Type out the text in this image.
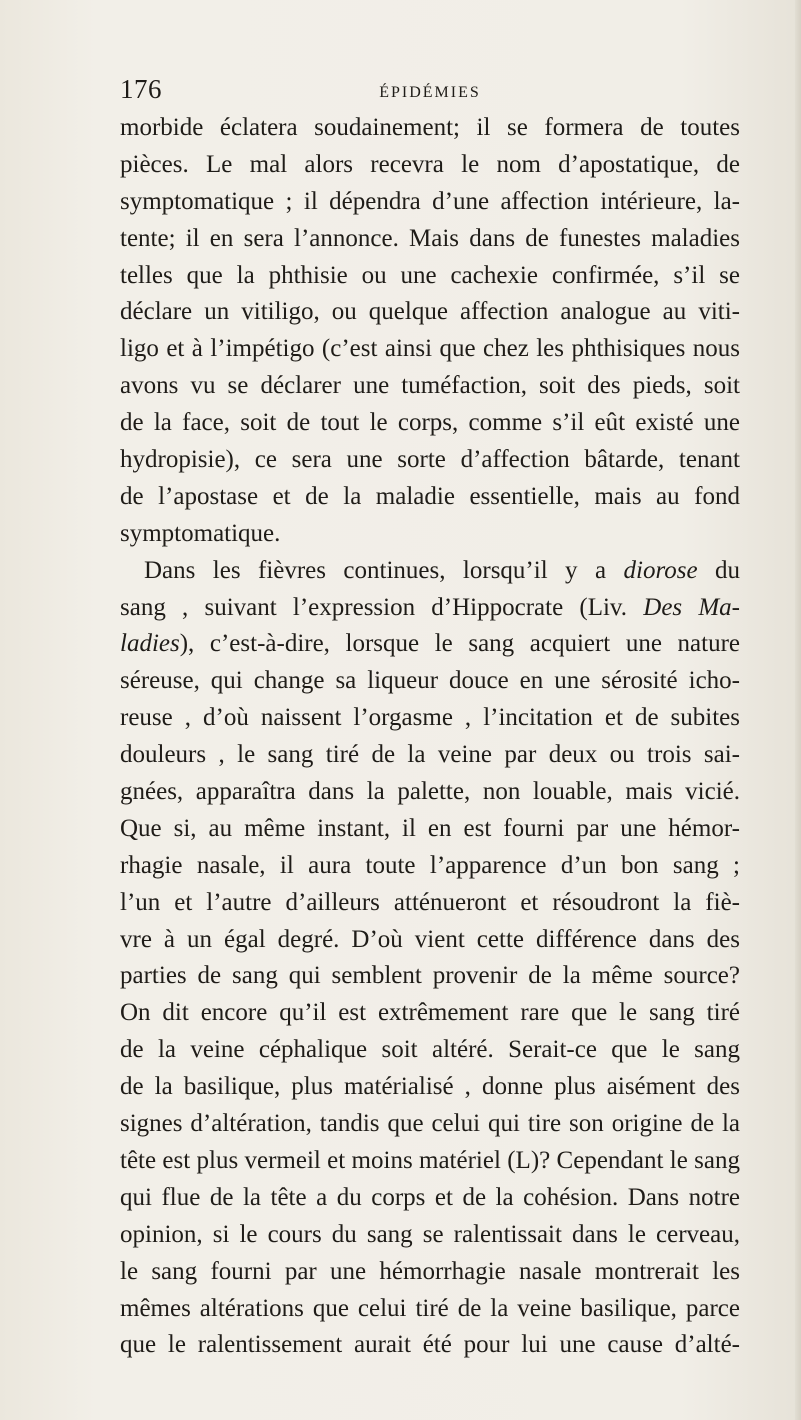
176	ÉPIDÉMIES
morbide éclatera soudainement; il se formera de toutes
pièces. Le mal alors recevra le nom d’apostatique, de
symptomatique ; il dépendra d’une affection intérieure, la-
tente; il en sera l’annonce. Mais dans de funestes maladies
telles que la phthisie ou une cachexie confirmée, s’il se
déclare un vitiligo, ou quelque affection analogue au viti-
ligo et à l’impétigo (c’est ainsi que chez les phthisiques nous
avons vu se déclarer une tuméfaction, soit des pieds, soit
de la face, soit de tout le corps, comme s’il eût existé une
hydropisie), ce sera une sorte d’affection bâtarde, tenant
de l’apostase et de la maladie essentielle, mais au fond
symptomatique.
Dans les fièvres continues, lorsqu’il y a diorose du
sang , suivant l’expression d’Hippocrate (Liv. Des Ma-
ladies), c’est-à-dire, lorsque le sang acquiert une nature
séreuse, qui change sa liqueur douce en une sérosité icho-
reuse , d’où naissent l’orgasme , l’incitation et de subites
douleurs , le sang tiré de la veine par deux ou trois sai-
gnées, apparaîtra dans la palette, non louable, mais vicié.
Que si, au même instant, il en est fourni par une hémor-
rhagie nasale, il aura toute l’apparence d’un bon sang ;
l’un et l’autre d’ailleurs atténueront et résoudront la fiè-
vre à un égal degré. D’où vient cette différence dans des
parties de sang qui semblent provenir de la même source?
On dit encore qu’il est extrêmement rare que le sang tiré
de la veine céphalique soit altéré. Serait-ce que le sang
de la basilique, plus matérialisé , donne plus aisément des
signes d’altération, tandis que celui qui tire son origine de la
tête est plus vermeil et moins matériel (L)? Cependant le sang
qui flue de la tête a du corps et de la cohésion. Dans notre
opinion, si le cours du sang se ralentissait dans le cerveau,
le sang fourni par une hémorrhagie nasale montrerait les
mêmes altérations que celui tiré de la veine basilique, parce
que le ralentissement aurait été pour lui une cause d’alté-
